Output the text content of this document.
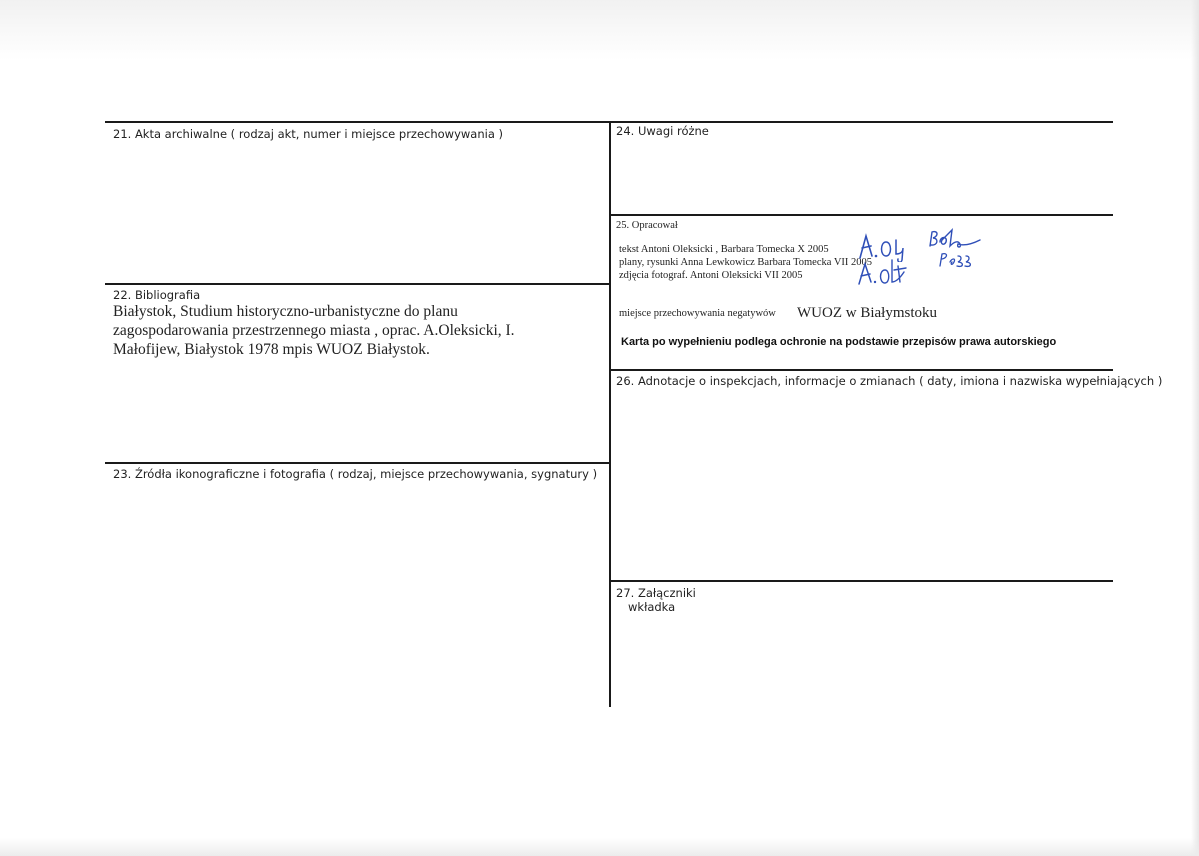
21. Akta archiwalne ( rodzaj akt, numer i miejsce przechowywania )
22. Bibliografia
Białystok, Studium historyczno-urbanistyczne do planu
zagospodarowania przestrzennego miasta , oprac. A.Oleksicki, I.
Małofijew, Białystok 1978 mpis WUOZ Białystok.
23. Źródła ikonograficzne i fotografia ( rodzaj, miejsce przechowywania, sygnatury )
24. Uwagi różne
25. Opracował
tekst Antoni Oleksicki , Barbara Tomecka X 2005
plany, rysunki Anna Lewkowicz Barbara Tomecka VII 2005
zdjęcia fotograf. Antoni Oleksicki VII 2005
miejsce przechowywania negatywów WUOZ w Białymstoku
Karta po wypełnieniu podlega ochronie na podstawie przepisów prawa autorskiego
26. Adnotacje o inspekcjach, informacje o zmianach ( daty, imiona i nazwiska wypełniających )
27. Załączniki
wkładka
